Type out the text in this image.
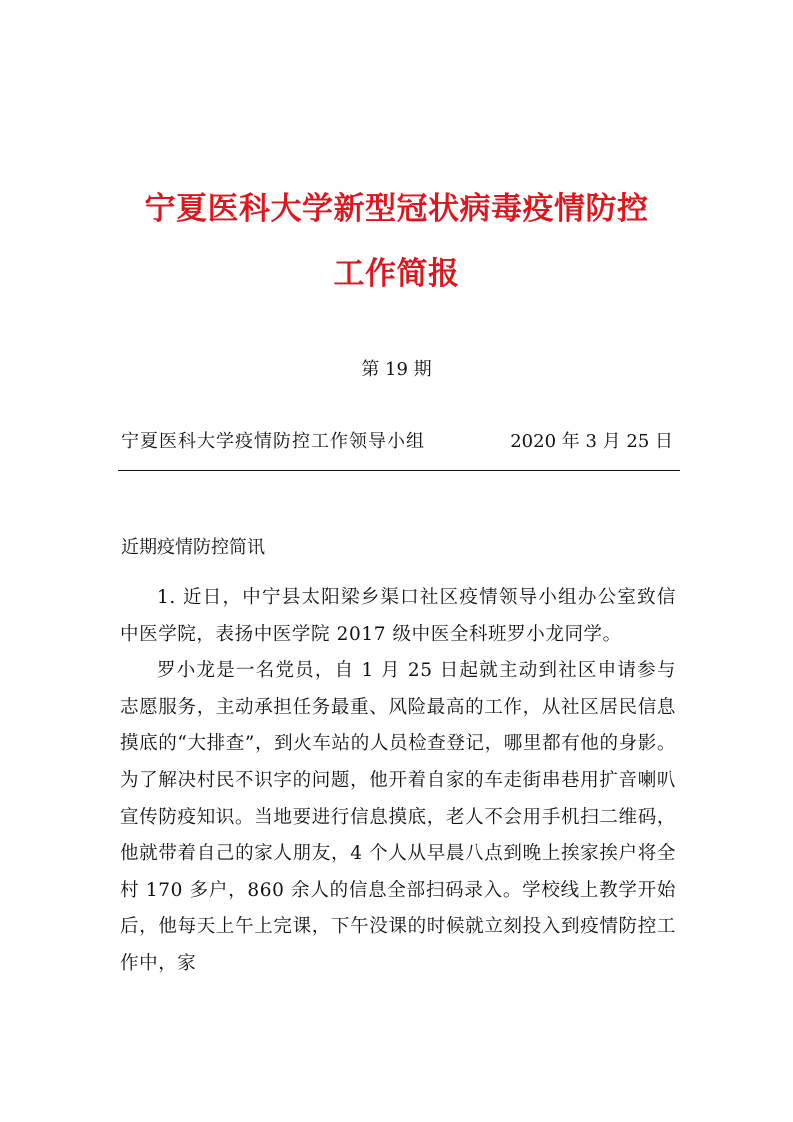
宁夏医科大学新型冠状病毒疫情防控
工作简报
第 19 期
宁夏医科大学疫情防控工作领导小组	2020 年 3 月 25 日
近期疫情防控简讯

1. 近日，中宁县太阳梁乡渠口社区疫情领导小组办公室致信中医学院，表扬中医学院 2017 级中医全科班罗小龙同学。

罗小龙是一名党员，自 1 月 25 日起就主动到社区申请参与志愿服务，主动承担任务最重、风险最高的工作，从社区居民信息摸底的“大排查”，到火车站的人员检查登记，哪里都有他的身影。为了解决村民不识字的问题，他开着自家的车走街串巷用扩音喇叭宣传防疫知识。当地要进行信息摸底，老人不会用手机扫二维码，他就带着自己的家人朋友，4 个人从早晨八点到晚上挨家挨户将全村 170 多户，860 余人的信息全部扫码录入。学校线上教学开始后，他每天上午上完课，下午没课的时候就立刻投入到疫情防控工作中，家
